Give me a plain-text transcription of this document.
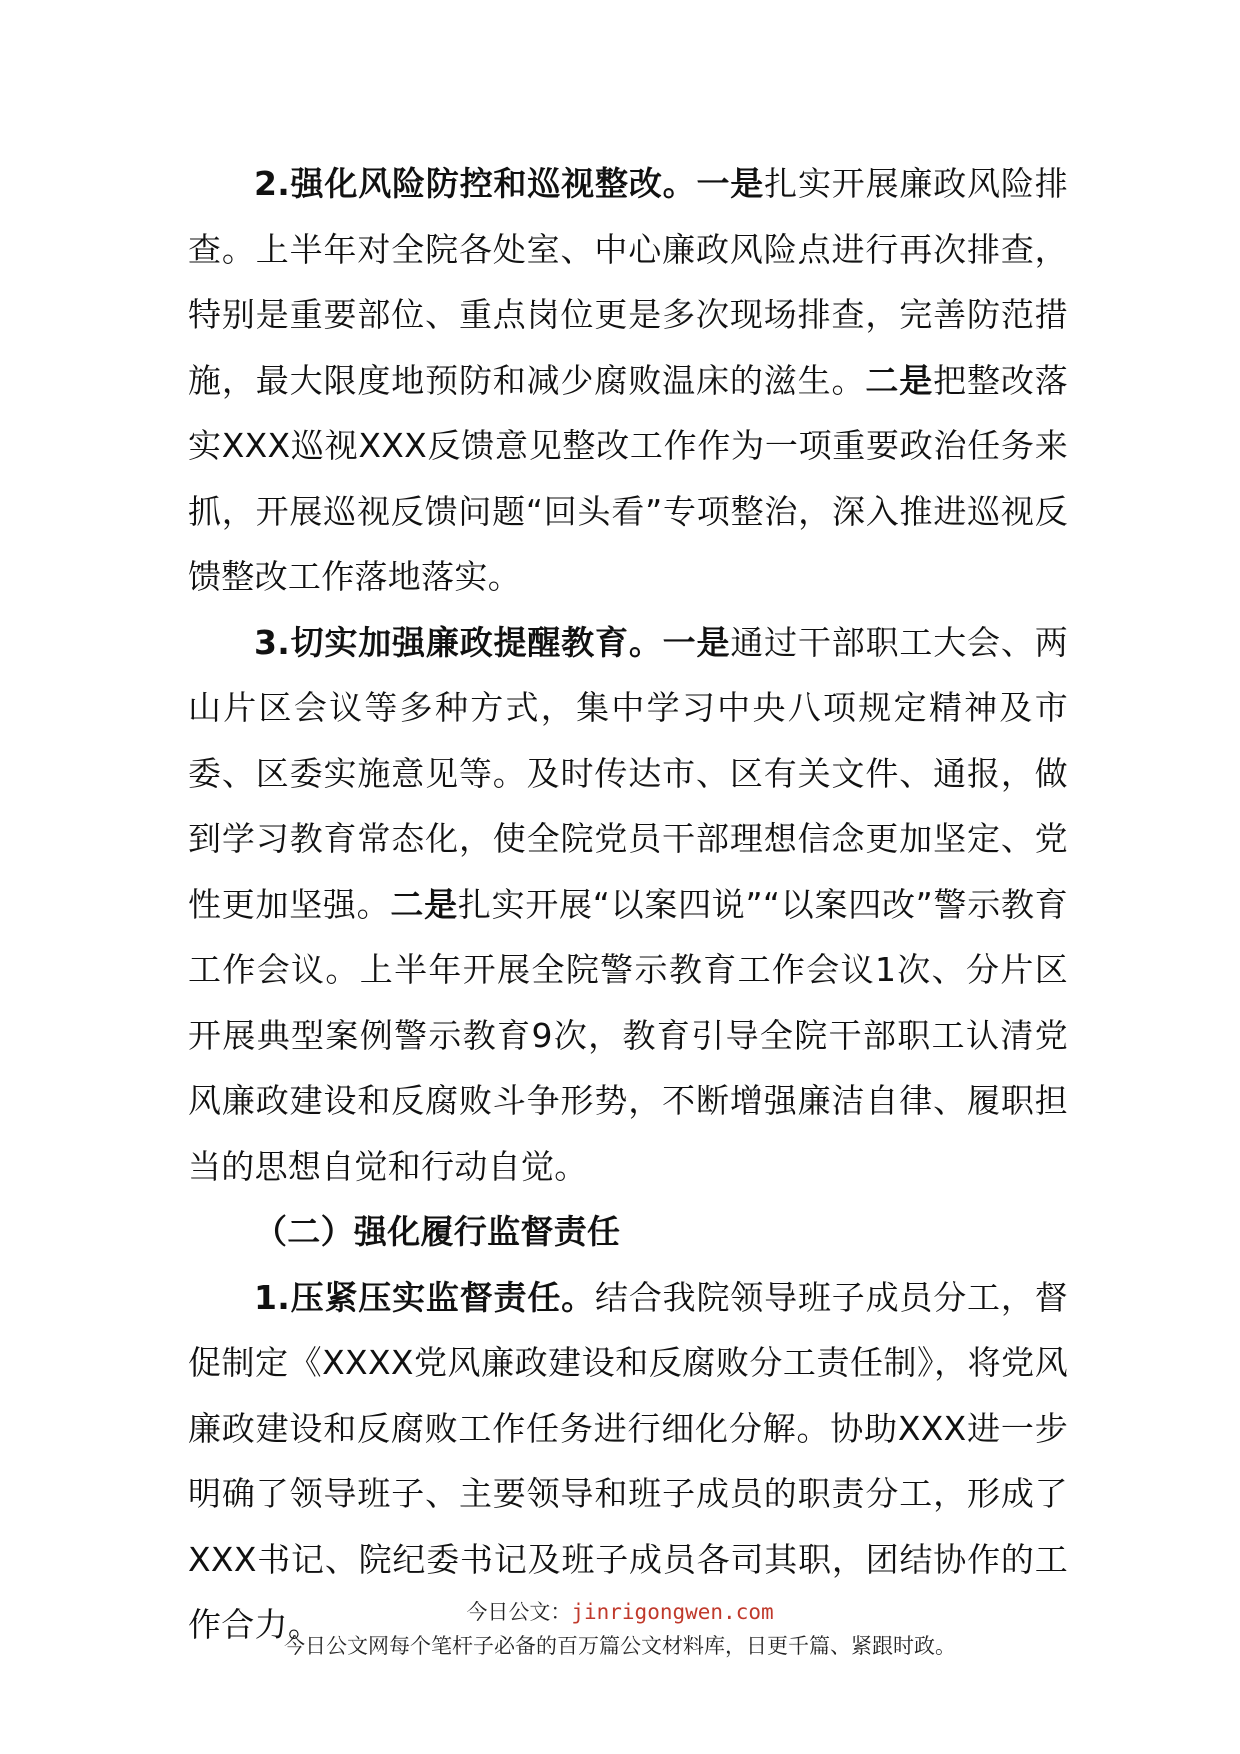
2.强化风险防控和巡视整改。一是扎实开展廉政风险排查。上半年对全院各处室、中心廉政风险点进行再次排查，特别是重要部位、重点岗位更是多次现场排查，完善防范措施，最大限度地预防和减少腐败温床的滋生。二是把整改落实XXX巡视XXX反馈意见整改工作作为一项重要政治任务来抓，开展巡视反馈问题“回头看”专项整治，深入推进巡视反馈整改工作落地落实。

3.切实加强廉政提醒教育。一是通过干部职工大会、两山片区会议等多种方式，集中学习中央八项规定精神及市委、区委实施意见等。及时传达市、区有关文件、通报，做到学习教育常态化，使全院党员干部理想信念更加坚定、党性更加坚强。二是扎实开展“以案四说”“以案四改”警示教育工作会议。上半年开展全院警示教育工作会议1次、分片区开展典型案例警示教育9次，教育引导全院干部职工认清党风廉政建设和反腐败斗争形势，不断增强廉洁自律、履职担当的思想自觉和行动自觉。

（二）强化履行监督责任

1.压紧压实监督责任。结合我院领导班子成员分工，督促制定《XXXX党风廉政建设和反腐败分工责任制》，将党风廉政建设和反腐败工作任务进行细化分解。协助XXX进一步明确了领导班子、主要领导和班子成员的职责分工，形成了XXX书记、院纪委书记及班子成员各司其职，团结协作的工作合力。	今日公文：jinrigongwen.com
今日公文网每个笔杆子必备的百万篇公文材料库，日更千篇、紧跟时政。
